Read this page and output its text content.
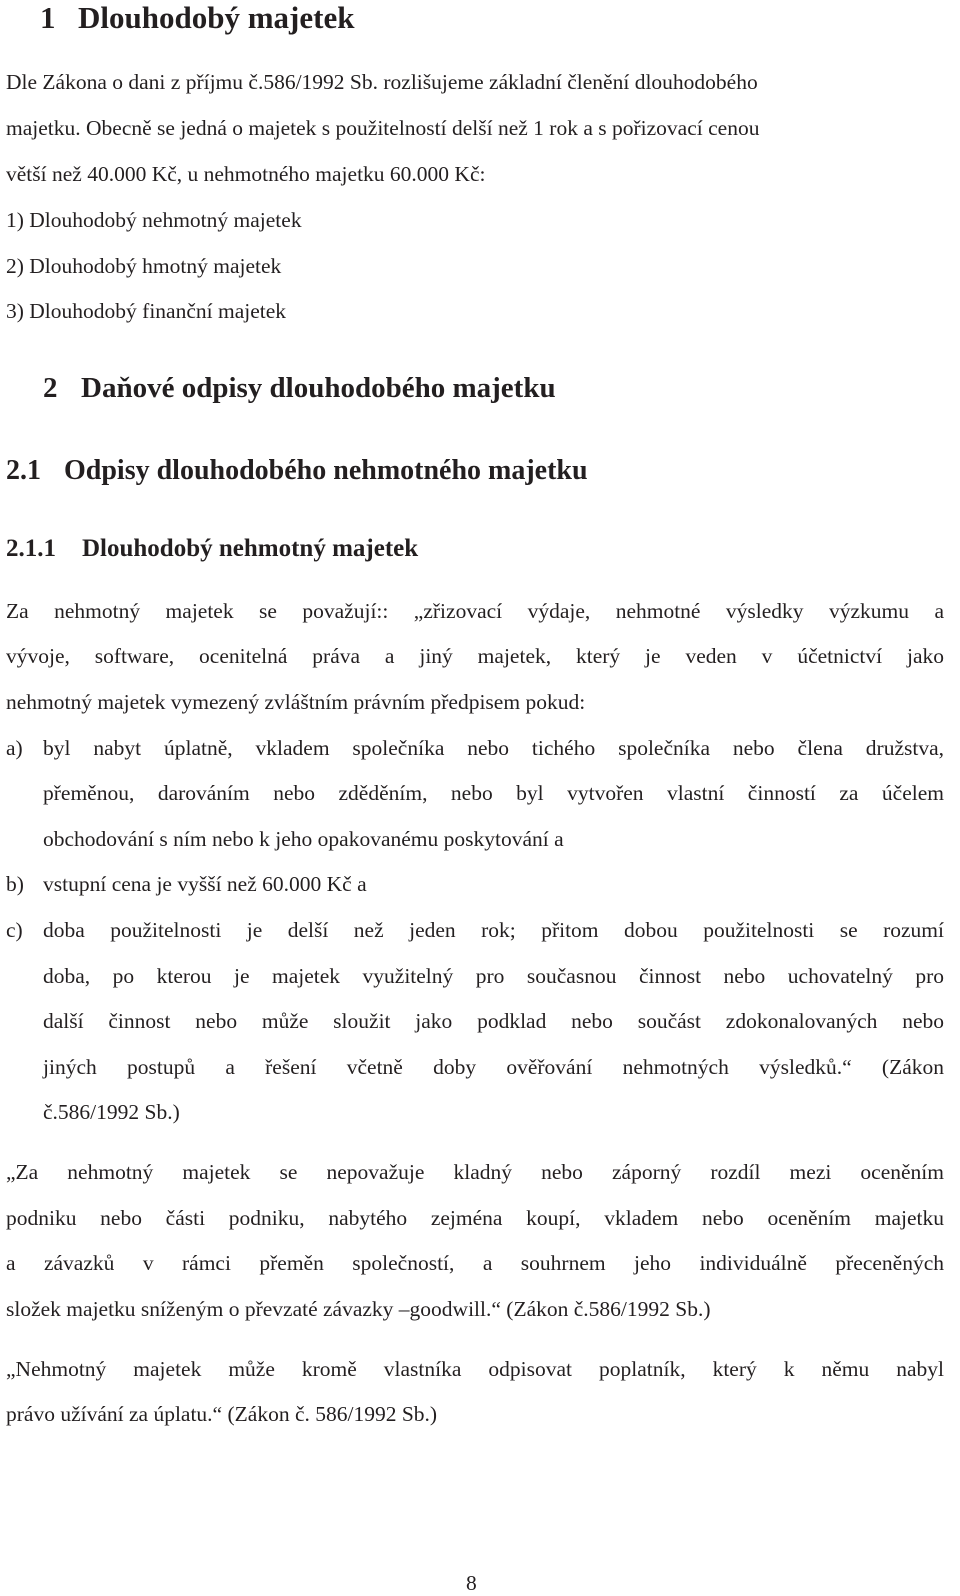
1 Dlouhodobý majetek
Dle Zákona o dani z příjmu č.586/1992 Sb. rozlišujeme základní členění dlouhodobého
majetku. Obecně se jedná o majetek s použitelností delší než 1 rok a s pořizovací cenou
větší než 40.000 Kč, u nehmotného majetku 60.000 Kč:
1) Dlouhodobý nehmotný majetek
2) Dlouhodobý hmotný majetek
3) Dlouhodobý finanční majetek
2 Daňové odpisy dlouhodobého majetku
2.1 Odpisy dlouhodobého nehmotného majetku
2.1.1 Dlouhodobý nehmotný majetek
Za nehmotný majetek se považují:: „zřizovací výdaje, nehmotné výsledky výzkumu a
vývoje, software, ocenitelná práva a jiný majetek, který je veden v účetnictví jako
nehmotný majetek vymezený zvláštním právním předpisem pokud:
a) byl nabyt úplatně, vkladem společníka nebo tichého společníka nebo člena družstva,
přeměnou, darováním nebo zděděním, nebo byl vytvořen vlastní činností za účelem
obchodování s ním nebo k jeho opakovanému poskytování a
b) vstupní cena je vyšší než 60.000 Kč a
c) doba použitelnosti je delší než jeden rok; přitom dobou použitelnosti se rozumí
doba, po kterou je majetek využitelný pro současnou činnost nebo uchovatelný pro
další činnost nebo může sloužit jako podklad nebo součást zdokonalovaných nebo
jiných postupů a řešení včetně doby ověřování nehmotných výsledků.“ (Zákon
č.586/1992 Sb.)
„Za nehmotný majetek se nepovažuje kladný nebo záporný rozdíl mezi oceněním
podniku nebo části podniku, nabytého zejména koupí, vkladem nebo oceněním majetku
a závazků v rámci přeměn společností, a souhrnem jeho individuálně přeceněných
složek majetku sníženým o převzaté závazky –goodwill.“ (Zákon č.586/1992 Sb.)
„Nehmotný majetek může kromě vlastníka odpisovat poplatník, který k němu nabyl
právo užívání za úplatu.“ (Zákon č. 586/1992 Sb.)
8
